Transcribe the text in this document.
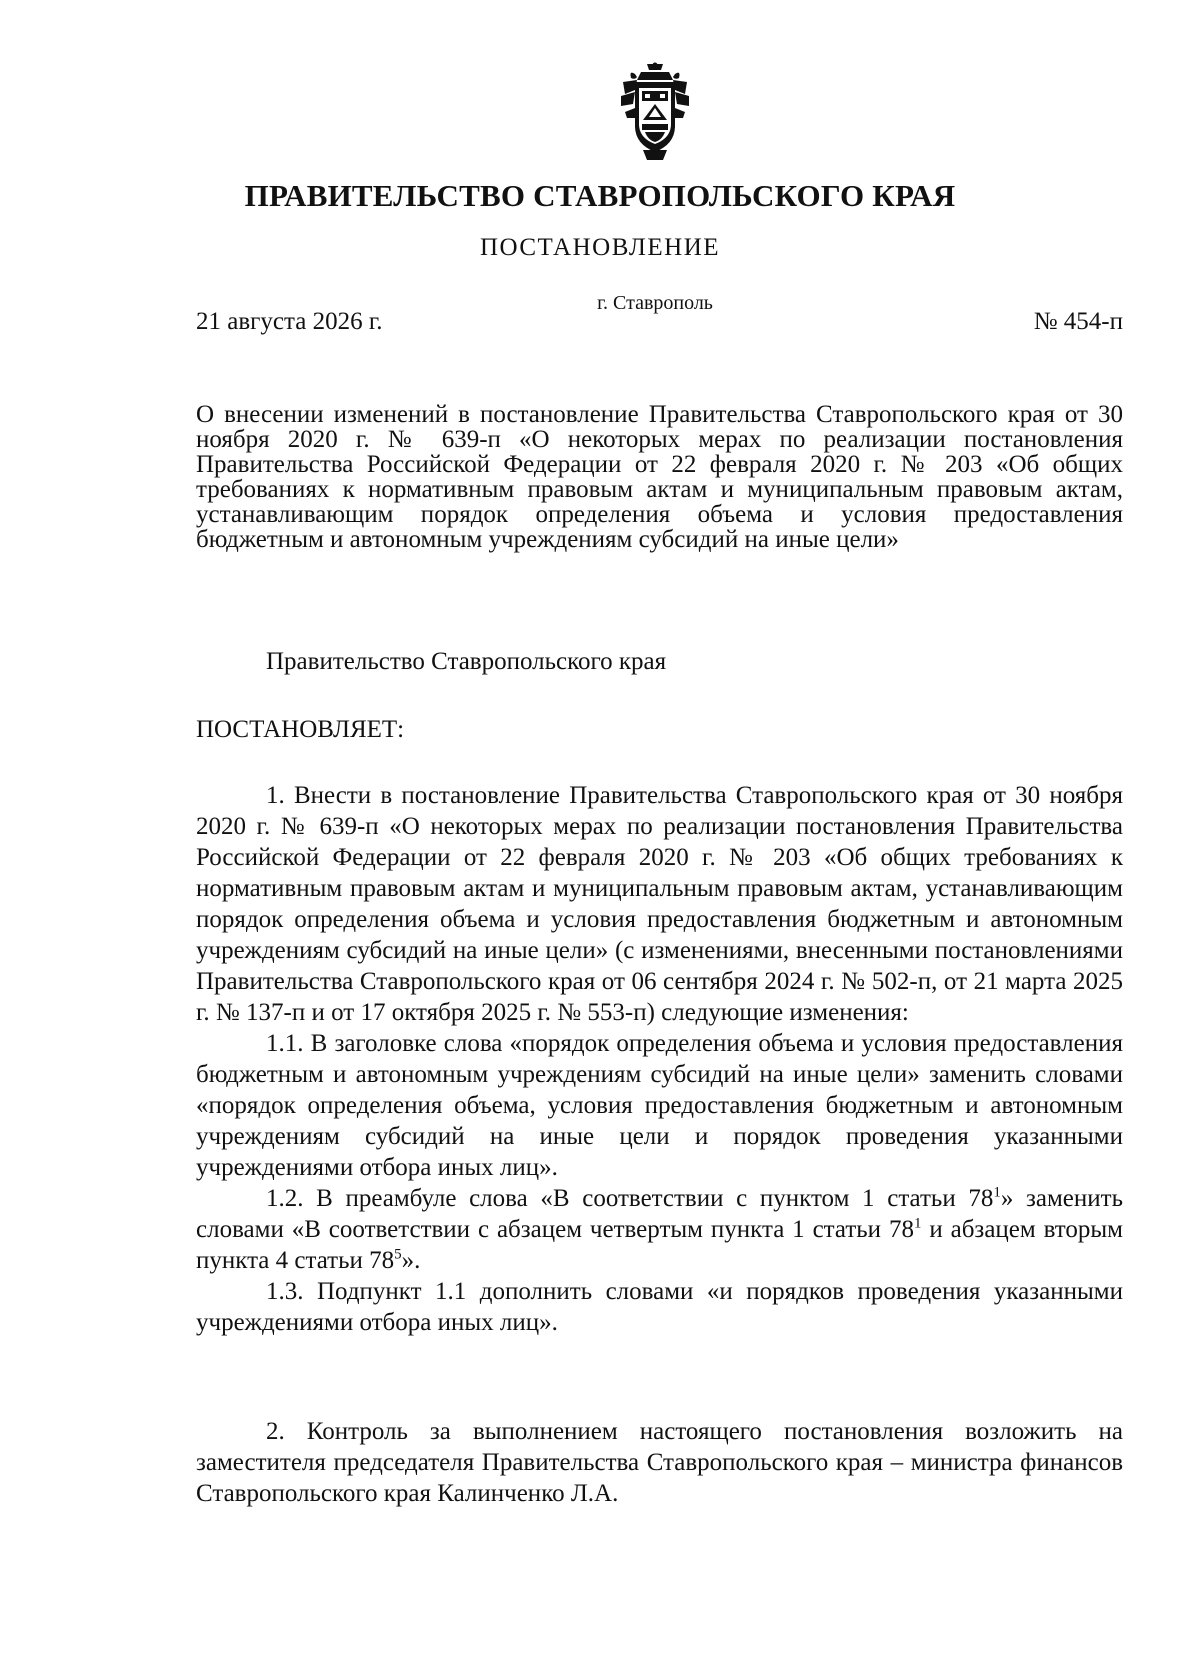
ПРАВИТЕЛЬСТВО СТАВРОПОЛЬСКОГО КРАЯ
ПОСТАНОВЛЕНИЕ
г. Ставрополь
21 августа 2026 г.	№ 454-п
О внесении изменений в постановление Правительства Ставропольского края от 30 ноября 2020 г. № 639-п «О некоторых мерах по реализации постановления Правительства Российской Федерации от 22 февраля 2020 г. № 203 «Об общих требованиях к нормативным правовым актам и муниципальным правовым актам, устанавливающим порядок определения объема и условия предоставления бюджетным и автономным учреждениям субсидий на иные цели»

Правительство Ставропольского края

ПОСТАНОВЛЯЕТ:

1. Внести в постановление Правительства Ставропольского края от 30 ноября 2020 г. № 639-п «О некоторых мерах по реализации постановления Правительства Российской Федерации от 22 февраля 2020 г. № 203 «Об общих требованиях к нормативным правовым актам и муниципальным правовым актам, устанавливающим порядок определения объема и условия предоставления бюджетным и автономным учреждениям субсидий на иные цели» (с изменениями, внесенными постановлениями Правительства Ставропольского края от 06 сентября 2024 г. № 502-п, от 21 марта 2025 г. № 137-п и от 17 октября 2025 г. № 553-п) следующие изменения:

1.1. В заголовке слова «порядок определения объема и условия предоставления бюджетным и автономным учреждениям субсидий на иные цели» заменить словами «порядок определения объема, условия предоставления бюджетным и автономным учреждениям субсидий на иные цели и порядок проведения указанными учреждениями отбора иных лиц».

1.2. В преамбуле слова «В соответствии с пунктом 1 статьи $78^1$» заменить словами «В соответствии с абзацем четвертым пункта 1 статьи $78^1$ и абзацем вторым пункта 4 статьи $78^5$».

1.3. Подпункт 1.1 дополнить словами «и порядков проведения указанными учреждениями отбора иных лиц».

2. Контроль за выполнением настоящего постановления возложить на заместителя председателя Правительства Ставропольского края – министра финансов Ставропольского края Калинченко Л.А.
